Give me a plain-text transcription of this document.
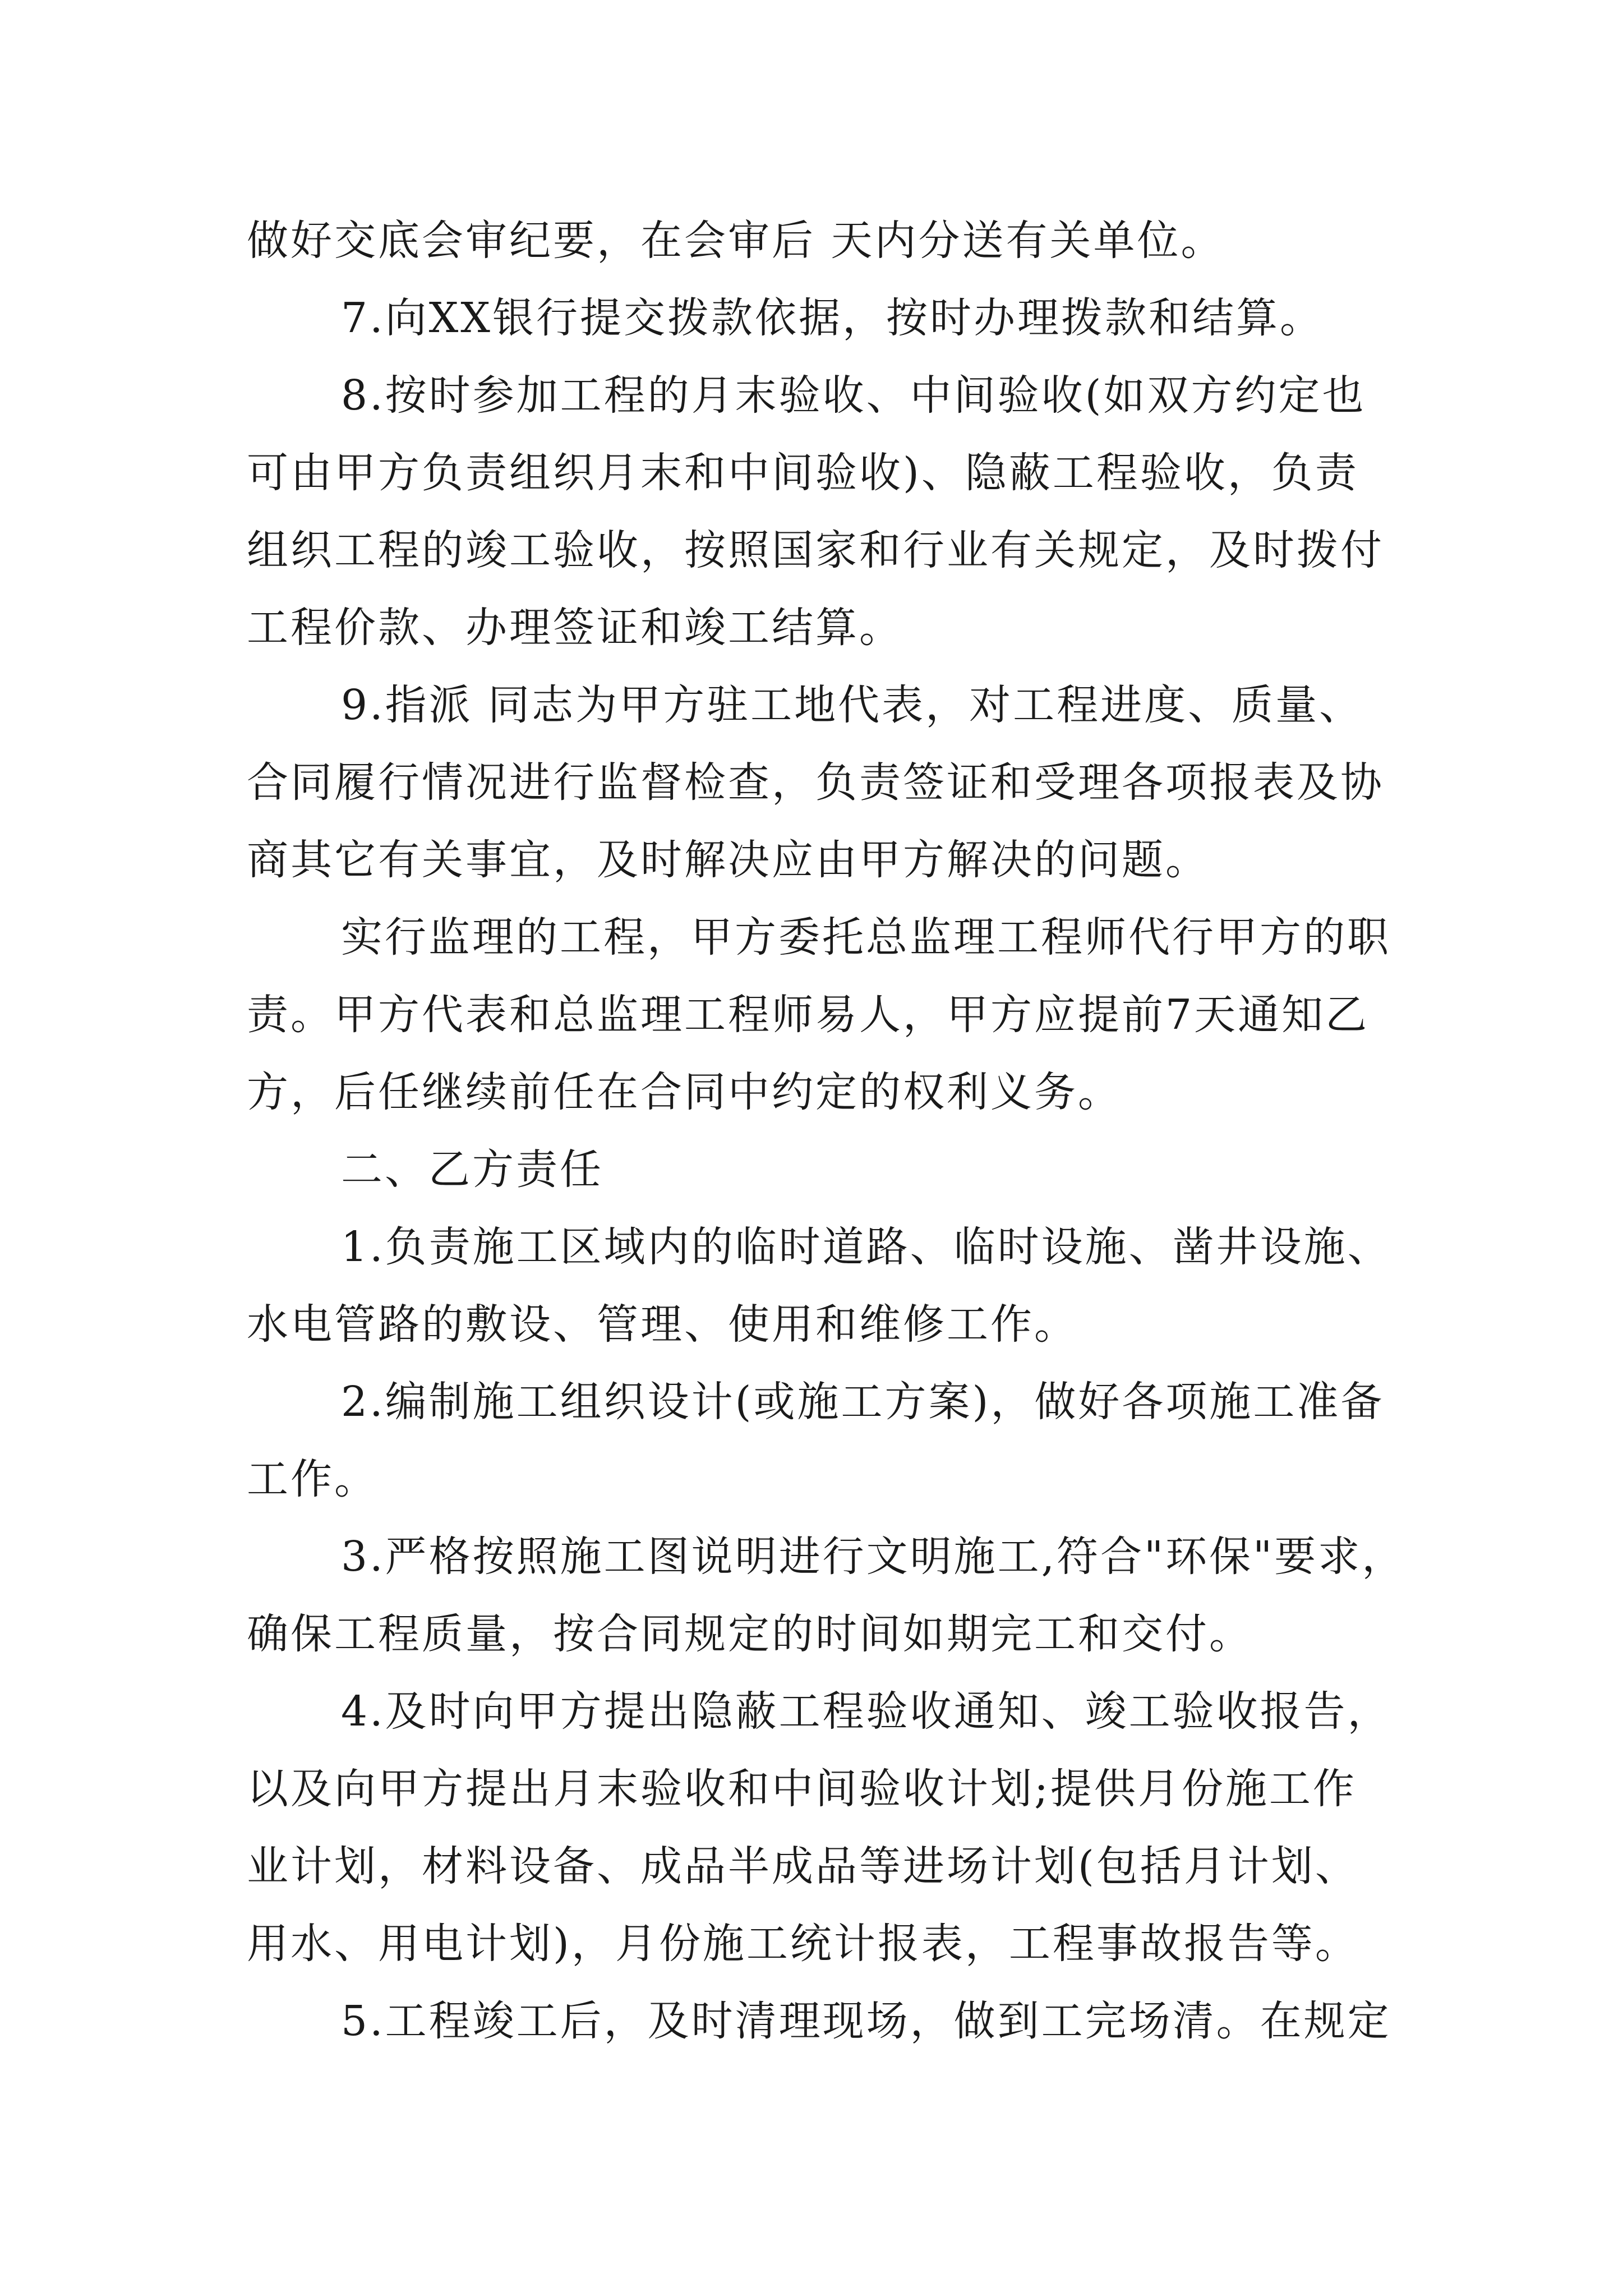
做好交底会审纪要，在会审后 天内分送有关单位。
7.向XX银行提交拨款依据，按时办理拨款和结算。
8.按时参加工程的月末验收、中间验收(如双方约定也
可由甲方负责组织月末和中间验收)、隐蔽工程验收，负责
组织工程的竣工验收，按照国家和行业有关规定，及时拨付
工程价款、办理签证和竣工结算。
9.指派 同志为甲方驻工地代表，对工程进度、质量、
合同履行情况进行监督检查，负责签证和受理各项报表及协
商其它有关事宜，及时解决应由甲方解决的问题。
实行监理的工程，甲方委托总监理工程师代行甲方的职
责。甲方代表和总监理工程师易人，甲方应提前7天通知乙
方，后任继续前任在合同中约定的权利义务。
二、乙方责任
1.负责施工区域内的临时道路、临时设施、凿井设施、
水电管路的敷设、管理、使用和维修工作。
2.编制施工组织设计(或施工方案)，做好各项施工准备
工作。
3.严格按照施工图说明进行文明施工,符合"环保"要求，
确保工程质量，按合同规定的时间如期完工和交付。
4.及时向甲方提出隐蔽工程验收通知、竣工验收报告，
以及向甲方提出月末验收和中间验收计划;提供月份施工作
业计划，材料设备、成品半成品等进场计划(包括月计划、
用水、用电计划)，月份施工统计报表，工程事故报告等。
5.工程竣工后，及时清理现场，做到工完场清。在规定
